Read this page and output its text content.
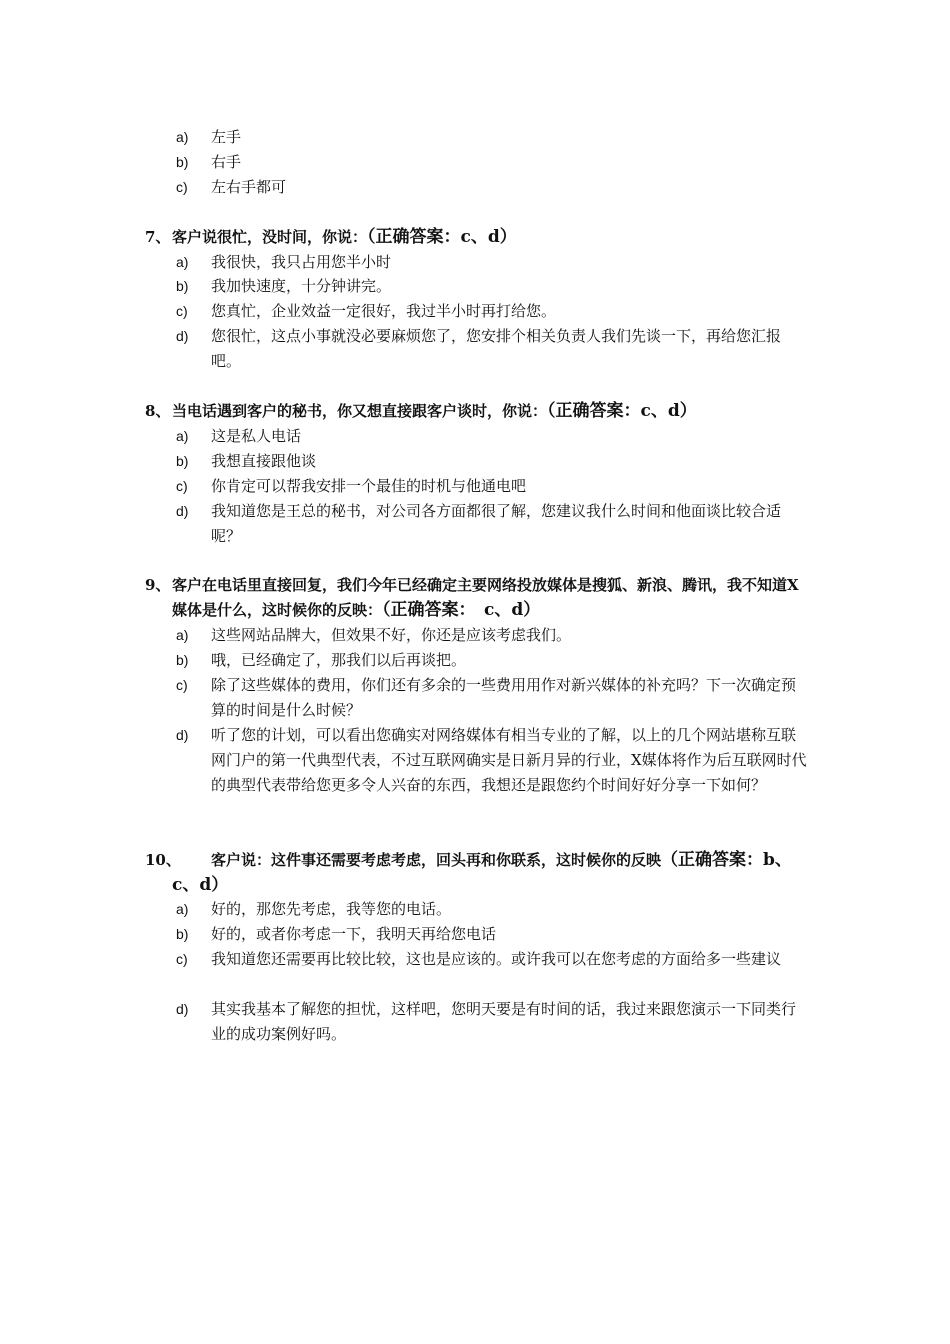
a) 左手
b) 右手
c) 左右手都可
7、 客户说很忙，没时间，你说：（正确答案：c、d）
a) 我很快，我只占用您半小时
b) 我加快速度，十分钟讲完。
c) 您真忙，企业效益一定很好，我过半小时再打给您。
d) 您很忙，这点小事就没必要麻烦您了，您安排个相关负责人我们先谈一下，再给您汇报吧。
8、 当电话遇到客户的秘书，你又想直接跟客户谈时，你说：（正确答案：c、d）
a) 这是私人电话
b) 我想直接跟他谈
c) 你肯定可以帮我安排一个最佳的时机与他通电吧
d) 我知道您是王总的秘书，对公司各方面都很了解，您建议我什么时间和他面谈比较合适呢？
9、 客户在电话里直接回复，我们今年已经确定主要网络投放媒体是搜狐、新浪、腾讯，我不知道X媒体是什么，这时候你的反映：（正确答案：　c、d）
a) 这些网站品牌大，但效果不好，你还是应该考虑我们。
b) 哦，已经确定了，那我们以后再谈把。
c) 除了这些媒体的费用，你们还有多余的一些费用用作对新兴媒体的补充吗？下一次确定预算的时间是什么时候？
d) 听了您的计划，可以看出您确实对网络媒体有相当专业的了解，以上的几个网站堪称互联网门户的第一代典型代表，不过互联网确实是日新月异的行业，X媒体将作为后互联网时代的典型代表带给您更多令人兴奋的东西，我想还是跟您约个时间好好分享一下如何？
10、	客户说：这件事还需要考虑考虑，回头再和你联系，这时候你的反映（正确答案：b、c、d）
a) 好的，那您先考虑，我等您的电话。
b) 好的，或者你考虑一下，我明天再给您电话
c) 我知道您还需要再比较比较，这也是应该的。或许我可以在您考虑的方面给多一些建议
d) 其实我基本了解您的担忧，这样吧，您明天要是有时间的话，我过来跟您演示一下同类行业的成功案例好吗。
